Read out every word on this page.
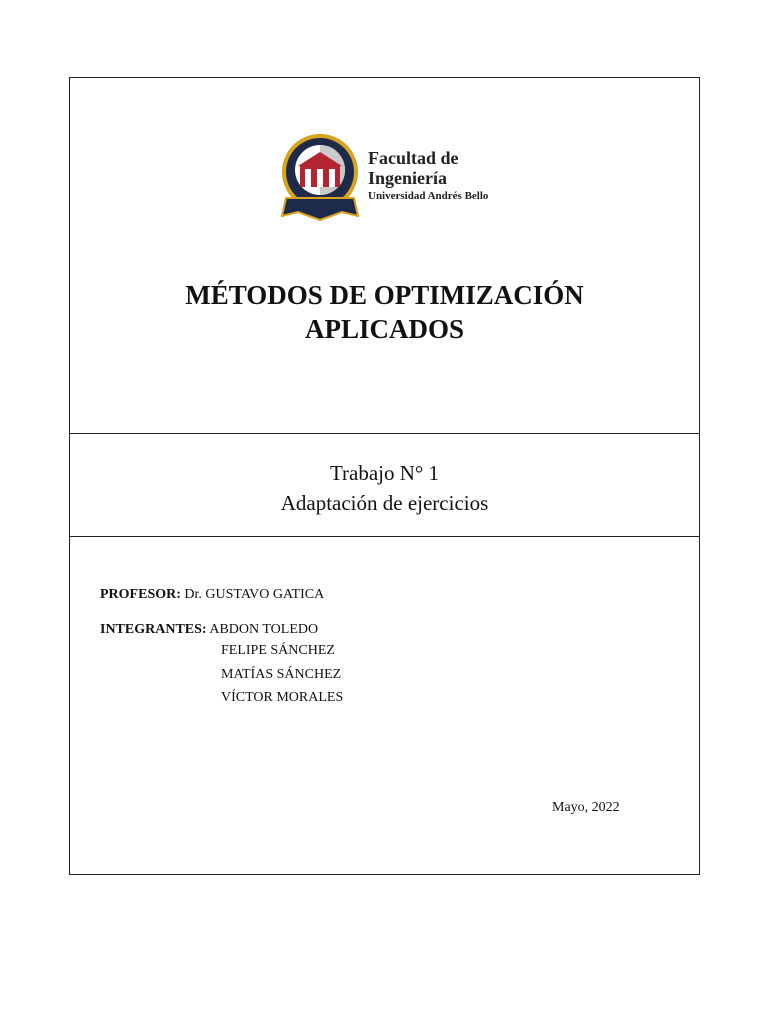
Facultad de
Ingeniería
Universidad Andrés Bello
MÉTODOS DE OPTIMIZACIÓN
APLICADOS
Trabajo N° 1
Adaptación de ejercicios
PROFESOR: Dr. GUSTAVO GATICA
INTEGRANTES: ABDON TOLEDO
FELIPE SÁNCHEZ
MATÍAS SÁNCHEZ
VÍCTOR MORALES
Mayo, 2022
